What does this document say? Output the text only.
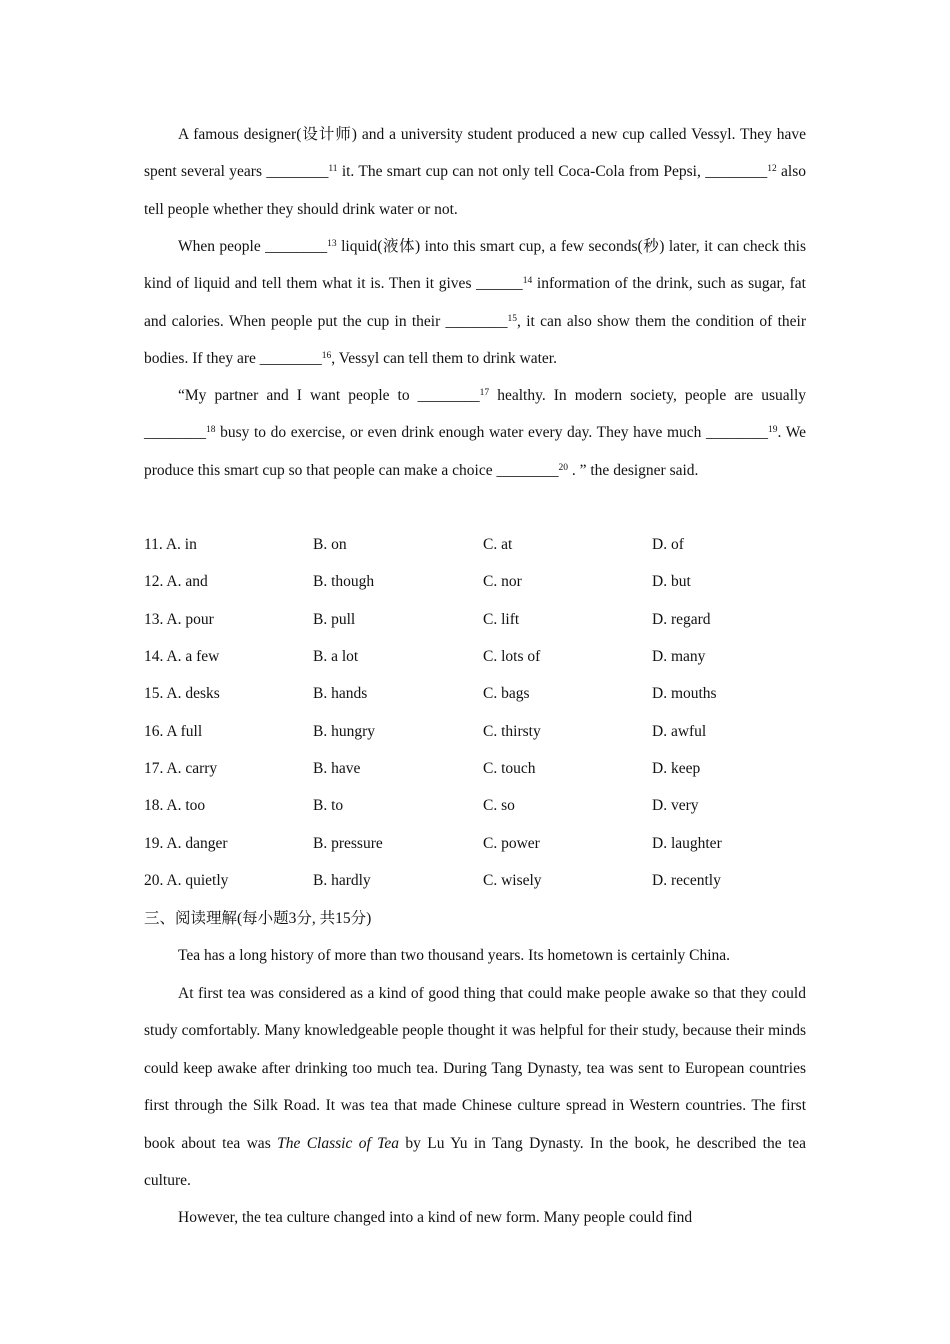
A famous designer(设计师) and a university student produced a new cup called Vessyl. They have spent several years ________$^{11}$ it. The smart cup can not only tell Coca-Cola from Pepsi, ________$^{12}$ also tell people whether they should drink water or not.

When people ________$^{13}$ liquid(液体) into this smart cup, a few seconds(秒) later, it can check this kind of liquid and tell them what it is. Then it gives ______$^{14}$ information of the drink, such as sugar, fat and calories. When people put the cup in their ________$^{15}$, it can also show them the condition of their bodies. If they are ________$^{16}$, Vessyl can tell them to drink water.

“My partner and I want people to ________$^{17}$ healthy. In modern society, people are usually ________$^{18}$ busy to do exercise, or even drink enough water every day. They have much ________$^{19}$. We produce this smart cup so that people can make a choice ________$^{20}$ . ” the designer said.

11. A. in	B. on	C. at	D. of
12. A. and	B. though	C. nor	D. but
13. A. pour	B. pull	C. lift	D. regard
14. A. a few	B. a lot	C. lots of	D. many
15. A. desks	B. hands	C. bags	D. mouths
16. A full	B. hungry	C. thirsty	D. awful
17. A. carry	B. have	C. touch	D. keep
18. A. too	B. to	C. so	D. very
19. A. danger	B. pressure	C. power	D. laughter
20. A. quietly	B. hardly	C. wisely	D. recently

三、阅读理解(每小题3分, 共15分)

Tea has a long history of more than two thousand years. Its hometown is certainly China.

At first tea was considered as a kind of good thing that could make people awake so that they could study comfortably. Many knowledgeable people thought it was helpful for their study, because their minds could keep awake after drinking too much tea. During Tang Dynasty, tea was sent to European countries first through the Silk Road. It was tea that made Chinese culture spread in Western countries. The first book about tea was The Classic of Tea by Lu Yu in Tang Dynasty. In the book, he described the tea culture.

However, the tea culture changed into a kind of new form. Many people could find
